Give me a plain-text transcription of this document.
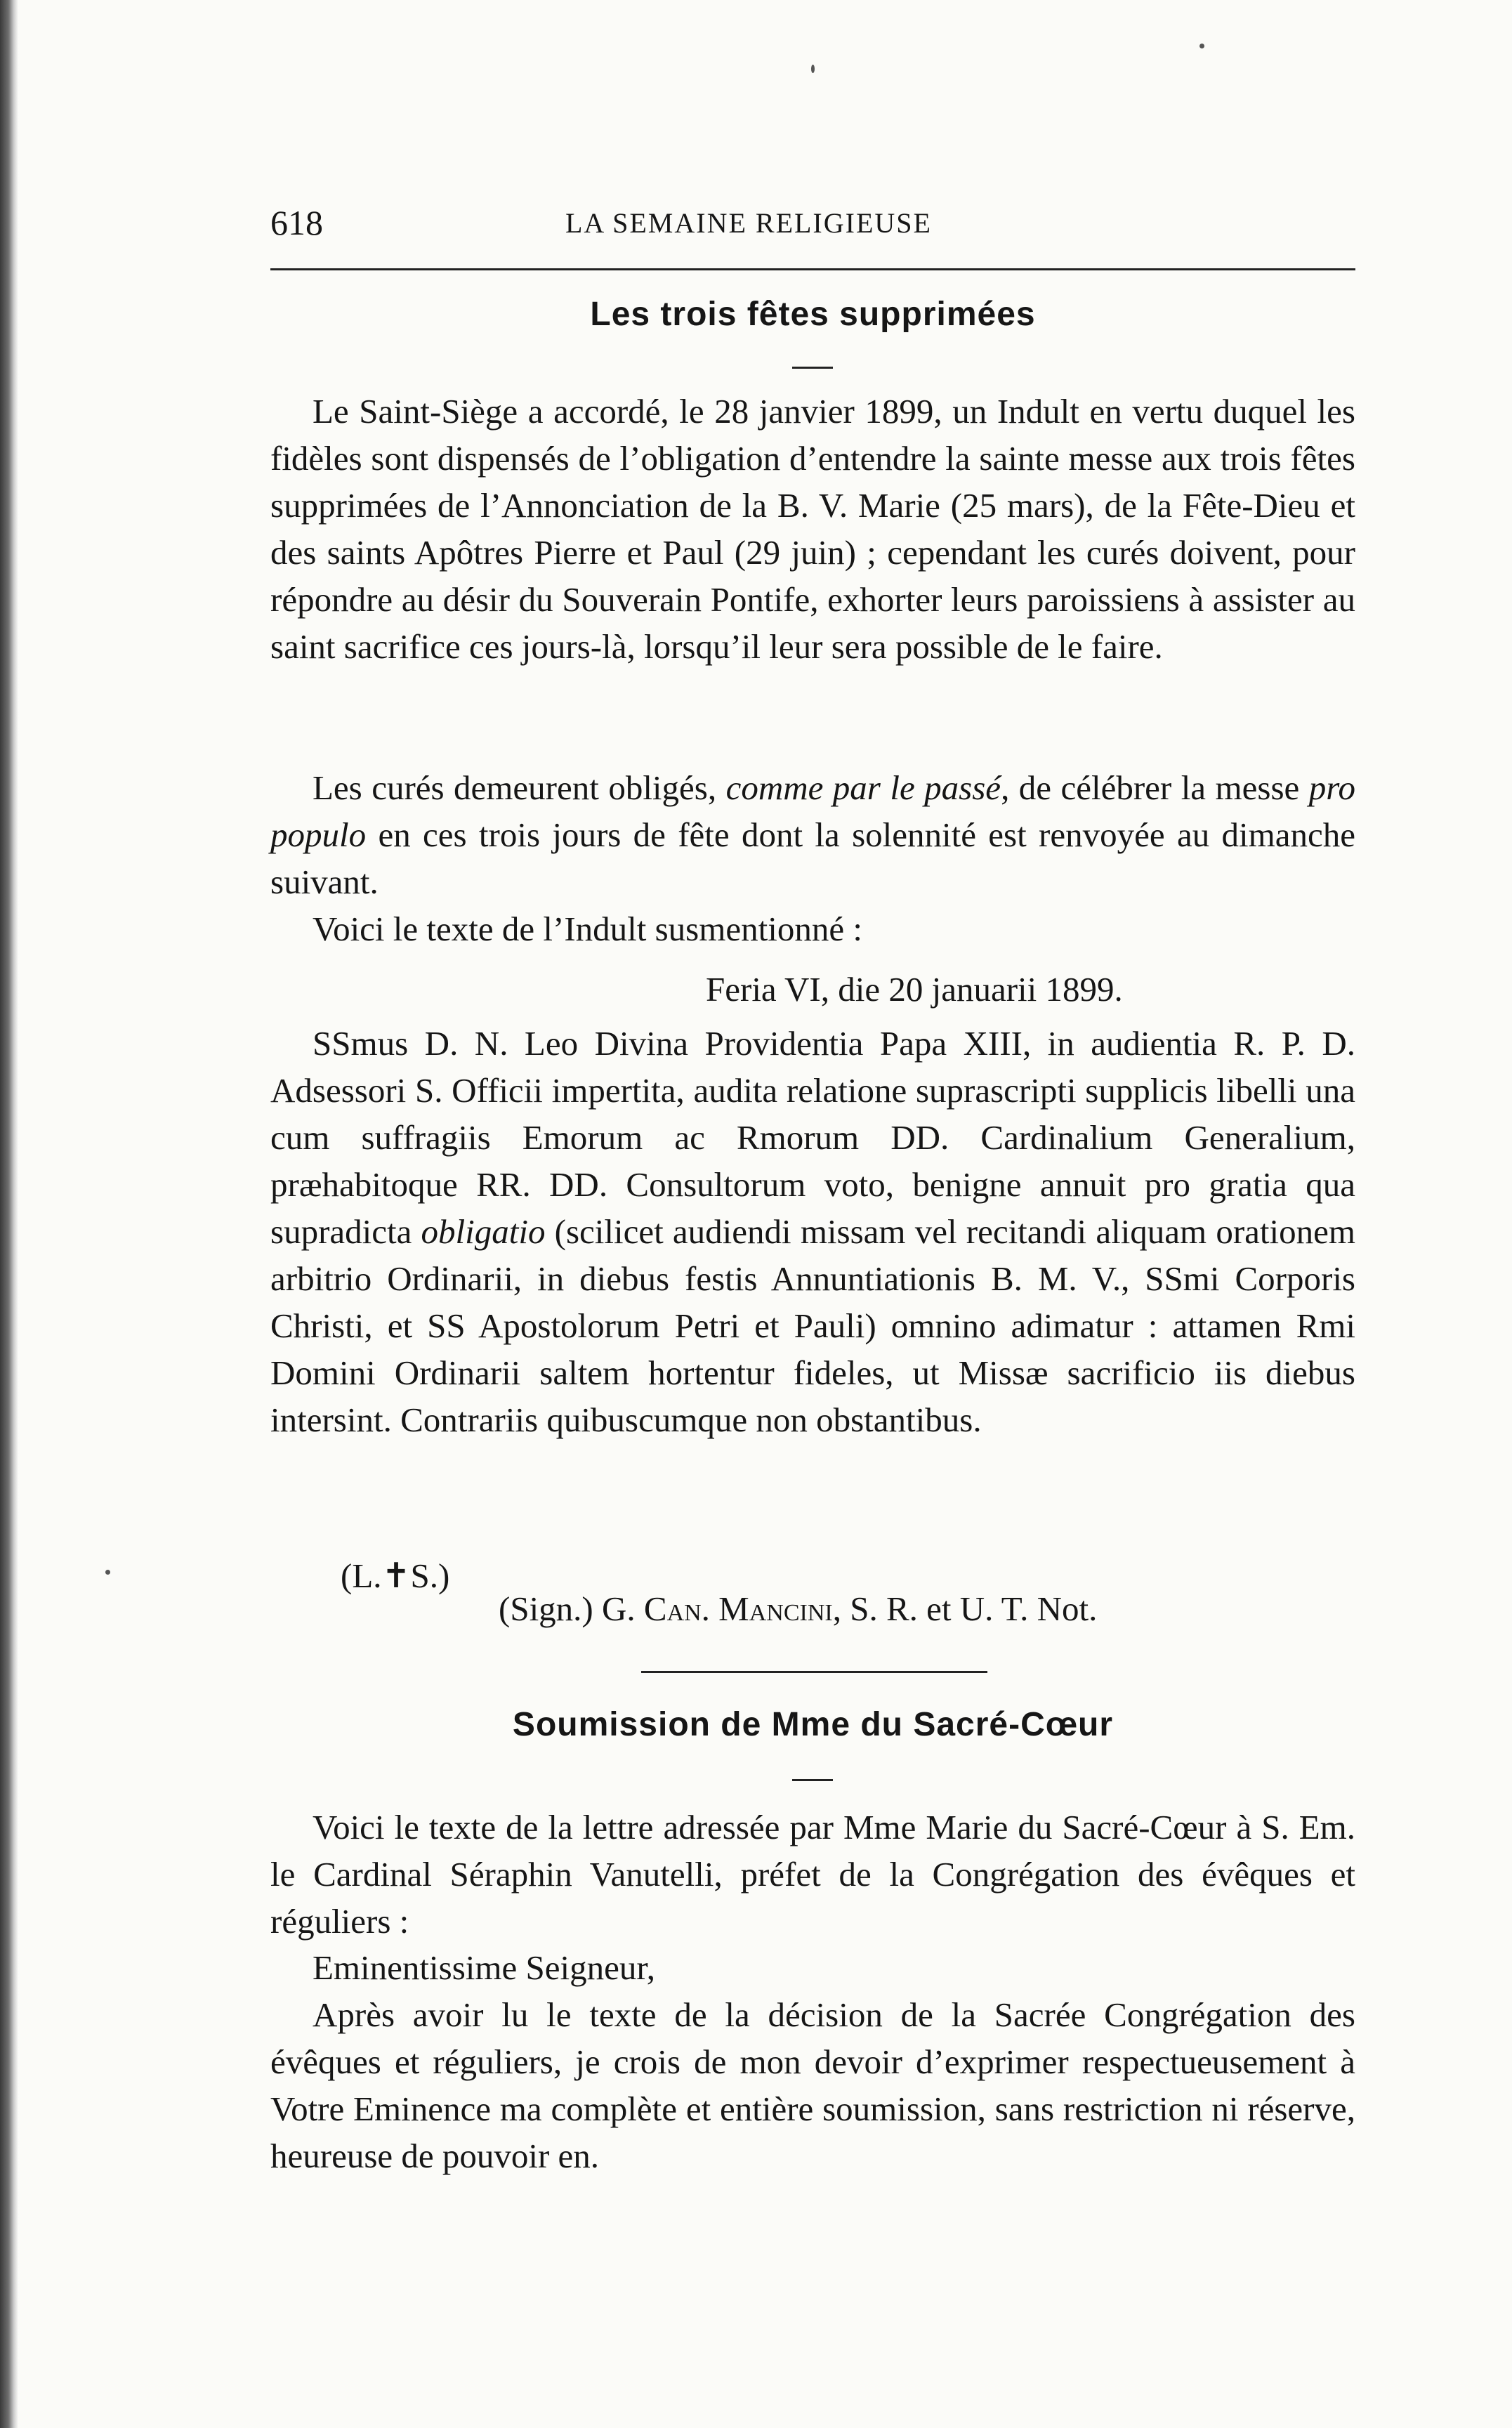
618	LA SEMAINE RELIGIEUSE
Les trois fêtes supprimées

Le Saint-Siège a accordé, le 28 janvier 1899, un Indult en vertu duquel les fidèles sont dispensés de l’obligation d’entendre la sainte messe aux trois fêtes supprimées de l’Annonciation de la B. V. Marie (25 mars), de la Fête-Dieu et des saints Apôtres Pierre et Paul (29 juin) ; cependant les curés doivent, pour répondre au désir du Souverain Pontife, exhorter leurs paroissiens à assister au saint sacrifice ces jours-là, lorsqu’il leur sera possible de le faire.

Les curés demeurent obligés, comme par le passé, de célébrer la messe pro populo en ces trois jours de fête dont la solennité est renvoyée au dimanche suivant.

Voici le texte de l’Indult susmentionné :

Feria VI, die 20 januarii 1899.

SSmus D. N. Leo Divina Providentia Papa XIII, in audientia R. P. D. Adsessori S. Officii impertita, audita relatione suprascripti supplicis libelli una cum suffragiis Emorum ac Rmorum DD. Cardinalium Generalium, præhabitoque RR. DD. Consultorum voto, benigne annuit pro gratia qua supradicta obligatio (scilicet audiendi missam vel recitandi aliquam orationem arbitrio Ordinarii, in diebus festis Annuntiationis B. M. V., SSmi Corporis Christi, et SS Apostolorum Petri et Pauli) omnino adimatur : attamen Rmi Domini Ordinarii saltem hortentur fideles, ut Missæ sacrificio iis diebus intersint. Contrariis quibuscumque non obstantibus.

(L.✝S.)
(Sign.) G. Can. Mancini, S. R. et U. T. Not.
Soumission de Mme du Sacré-Cœur

Voici le texte de la lettre adressée par Mme Marie du Sacré-Cœur à S. Em. le Cardinal Séraphin Vanutelli, préfet de la Congrégation des évêques et réguliers :

Eminentissime Seigneur,

Après avoir lu le texte de la décision de la Sacrée Congrégation des évêques et réguliers, je crois de mon devoir d’exprimer respectueusement à Votre Eminence ma complète et entière soumission, sans restriction ni réserve, heureuse de pouvoir en.
